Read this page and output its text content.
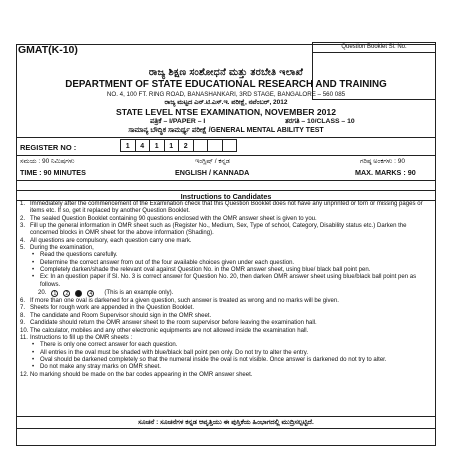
GMAT(K-10)	Question Booklet Sl. No.
ರಾಜ್ಯ ಶಿಕ್ಷಣ ಸಂಶೋಧನೆ ಮತ್ತು ತರಬೇತಿ ಇಲಾಖೆ
DEPARTMENT OF STATE EDUCATIONAL RESEARCH AND TRAINING
NO. 4, 100 FT. RING ROAD, BANASHANKARI, 3RD STAGE, BANGALORE – 560 085
ರಾಜ್ಯ ಮಟ್ಟದ ಎನ್.ಟಿ.ಎಸ್.ಇ. ಪರೀಕ್ಷೆ, ನವೆಂಬರ್, 2012
STATE LEVEL NTSE EXAMINATION, NOVEMBER 2012
ಪತ್ರಿಕೆ – I/PAPER – I	ತರಗತಿ – 10/CLASS – 10
ಸಾಮಾನ್ಯ ಬೌದ್ಧಿಕ ಸಾಮರ್ಥ್ಯ ಪರೀಕ್ಷೆ /GENERAL MENTAL ABILITY TEST
REGISTER NO :	1	4	1	1	2
ಸಮಯ : 90 ನಿಮಿಷಗಳು	ಇಂಗ್ಲಿಷ್ / ಕನ್ನಡ	ಗರಿಷ್ಠ ಅಂಕಗಳು : 90
TIME : 90 MINUTES	ENGLISH / KANNADA	MAX. MARKS : 90
Instructions to Candidates
1. Immediately after the commencement of the Examination check that this Question Booklet does not have any unprinted or torn or missing pages or items etc. If so, get it replaced by another Question Booklet.
2. The sealed Question Booklet containing 90 questions enclosed with the OMR answer sheet is given to you.
3. Fill up the general information in OMR sheet such as (Register No., Medium, Sex, Type of school, Category, Disability status etc.) Darken the concerned blocks in OMR sheet for the above information (Shading).
4. All questions are compulsory, each question carry one mark.
5. During the examination,
• Read the questions carefully.
• Determine the correct answer from out of the four available choices given under each question.
• Completely darken/shade the relevant oval against Question No. in the OMR answer sheet, using blue/ black ball point pen.
• Ex: In an question paper if Sl. No. 3 is correct answer for Question No. 20, then darken OMR answer sheet using blue/black ball point pen as follows.
20.	1	2	4	(This is an example only).
6. If more than one oval is darkened for a given question, such answer is treated as wrong and no marks will be given.
7. Sheets for rough work are appended in the Question Booklet.
8. The candidate and Room Supervisor should sign in the OMR sheet.
9. Candidate should return the OMR answer sheet to the room supervisor before leaving the examination hall.
10. The calculator, mobiles and any other electronic equipments are not allowed inside the examination hall.
11. Instructions to fill up the OMR sheets :
• There is only one correct answer for each question.
• All entries in the oval must be shaded with blue/black ball point pen only. Do not try to alter the entry.
• Oval should be darkened completely so that the numeral inside the oval is not visible. Once answer is darkened do not try to alter.
• Do not make any stray marks on OMR sheet.
12. No marking should be made on the bar codes appearing in the OMR answer sheet.
ಸೂಚನೆ : ಸೂಚನೆಗಳ ಕನ್ನಡ ಆವೃತ್ತಿಯು ಈ ಪುಸ್ತಿಕೆಯ ಹಿಂಭಾಗದಲ್ಲಿ ಮುದ್ರಿಸಲ್ಪಟ್ಟಿದೆ.
